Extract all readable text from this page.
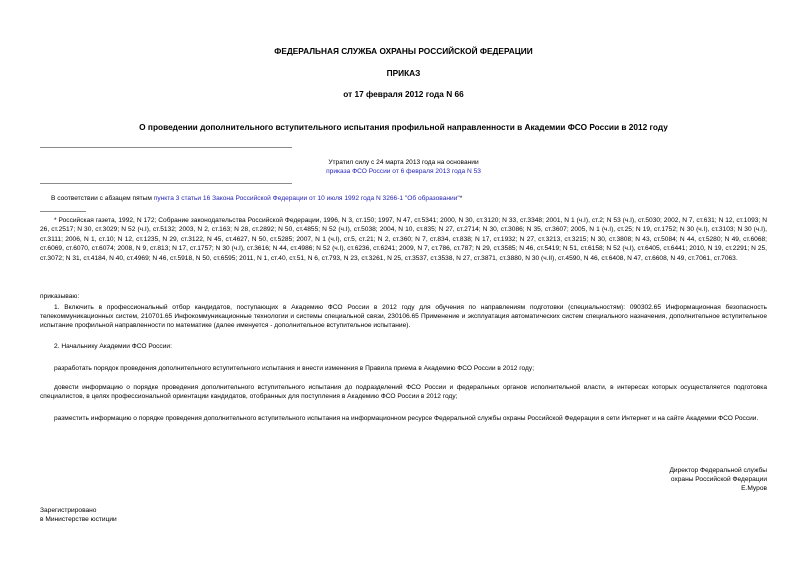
ФЕДЕРАЛЬНАЯ СЛУЖБА ОХРАНЫ РОССИЙСКОЙ ФЕДЕРАЦИИ
ПРИКАЗ
от 17 февраля 2012 года N 66
О проведении дополнительного вступительного испытания профильной направленности в Академии ФСО России в 2012 году
Утратил силу с 24 марта 2013 года на основании
приказа ФСО России от 6 февраля 2013 года N 53
В соответствии с абзацем пятым пункта 3 статьи 16 Закона Российской Федерации от 10 июля 1992 года N 3266-1 "Об образовании"*
* Российская газета, 1992, N 172; Собрание законодательства Российской Федерации, 1996, N 3, ст.150; 1997, N 47, ст.5341; 2000, N 30, ст.3120; N 33, ст.3348; 2001, N 1 (ч.I), ст.2; N 53 (ч.I), ст.5030; 2002, N 7, ст.631; N 12, ст.1093; N 26, ст.2517; N 30, ст.3029; N 52 (ч.I), ст.5132; 2003, N 2, ст.163; N 28, ст.2892; N 50, ст.4855; N 52 (ч.I), ст.5038; 2004, N 10, ст.835; N 27, ст.2714; N 30, ст.3086; N 35, ст.3607; 2005, N 1 (ч.I), ст.25; N 19, ст.1752; N 30 (ч.I), ст.3103; N 30 (ч.I), ст.3111; 2006, N 1, ст.10; N 12, ст.1235, N 29, ст.3122, N 45, ст.4627, N 50, ст.5285; 2007, N 1 (ч.I), ст.5, ст.21; N 2, ст.360; N 7, ст.834, ст.838; N 17, ст.1932; N 27, ст.3213, ст.3215; N 30, ст.3808; N 43, ст.5084; N 44, ст.5280; N 49, ст.6068; ст.6069, ст.6070, ст.6074; 2008, N 9, ст.813; N 17, ст.1757; N 30 (ч.I), ст.3616; N 44, ст.4986; N 52 (ч.I), ст.6236, ст.6241; 2009, N 7, ст.786, ст.787; N 29, ст.3585; N 46, ст.5419; N 51, ст.6158; N 52 (ч.I), ст.6405, ст.6441; 2010, N 19, ст.2291; N 25, ст.3072; N 31, ст.4184, N 40, ст.4969; N 46, ст.5918, N 50, ст.6595; 2011, N 1, ст.40, ст.51, N 6, ст.793, N 23, ст.3261, N 25, ст.3537, ст.3538, N 27, ст.3871, ст.3880, N 30 (ч.II), ст.4590, N 46, ст.6408, N 47, ст.6608, N 49, ст.7061, ст.7063.
приказываю:
1. Включить в профессиональный отбор кандидатов, поступающих в Академию ФСО России в 2012 году для обучения по направлениям подготовки (специальностям): 090302.65 Информационная безопасность телекоммуникационных систем, 210701.65 Инфокоммуникационные технологии и системы специальной связи, 230106.65 Применение и эксплуатация автоматических систем специального назначения, дополнительное вступительное испытание профильной направленности по математике (далее именуется - дополнительное вступительное испытание).
2. Начальнику Академии ФСО России:
разработать порядок проведения дополнительного вступительного испытания и внести изменения в Правила приема в Академию ФСО России в 2012 году;
довести информацию о порядке проведения дополнительного вступительного испытания до подразделений ФСО России и федеральных органов исполнительной власти, в интересах которых осуществляется подготовка специалистов, в целях профессиональной ориентации кандидатов, отобранных для поступления в Академию ФСО России в 2012 году;
разместить информацию о порядке проведения дополнительного вступительного испытания на информационном ресурсе Федеральной службы охраны Российской Федерации в сети Интернет и на сайте Академии ФСО России.
Директор Федеральной службы
охраны Российской Федерации
Е.Муров
Зарегистрировано
в Министерстве юстиции
